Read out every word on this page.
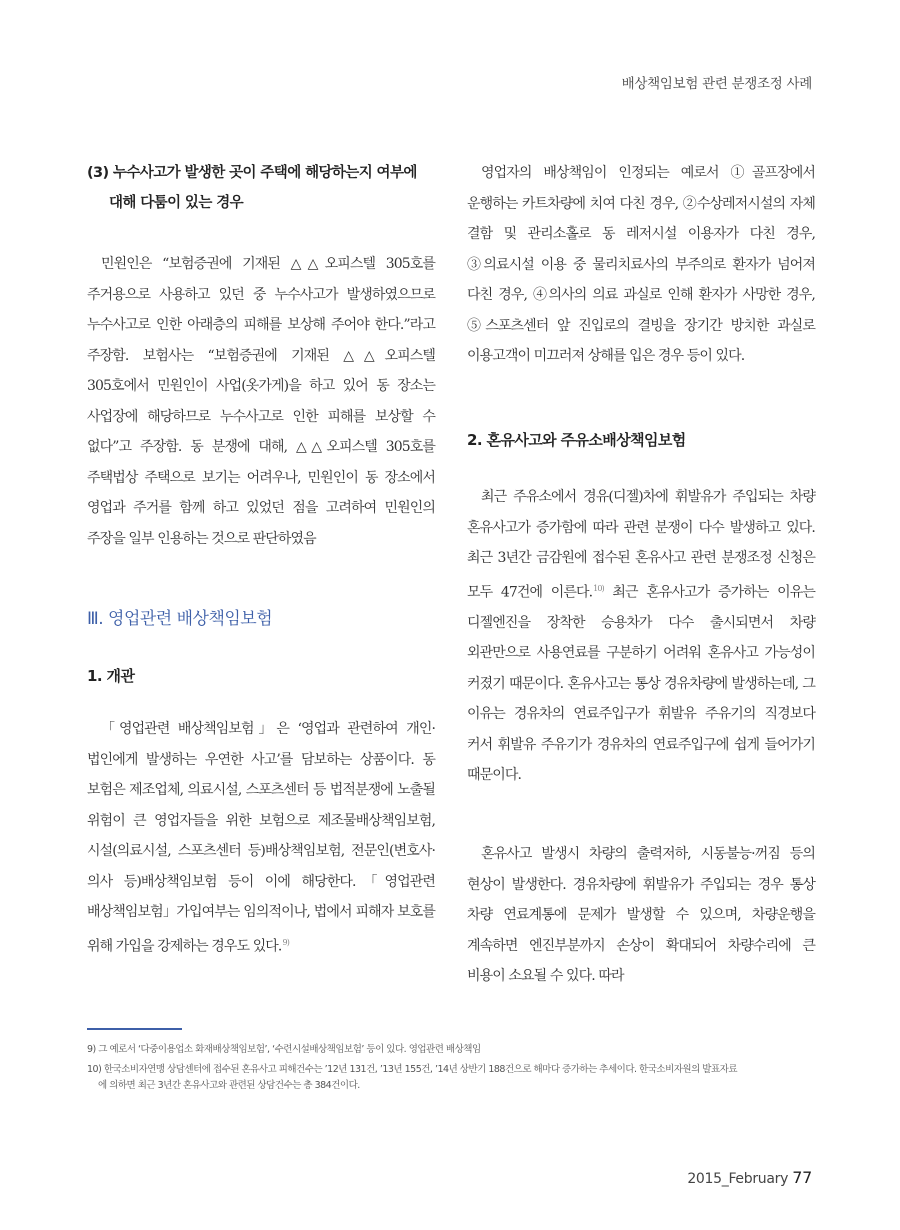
배상책임보험 관련 분쟁조정 사례
(3) 누수사고가 발생한 곳이 주택에 해당하는지 여부에
대해 다툼이 있는 경우

민원인은 “보험증권에 기재된 △△오피스텔 305호를 주거용으로 사용하고 있던 중 누수사고가 발생하였으므로 누수사고로 인한 아래층의 피해를 보상해 주어야 한다.”라고 주장함. 보험사는 “보험증권에 기재된 △△오피스텔 305호에서 민원인이 사업(옷가게)을 하고 있어 동 장소는 사업장에 해당하므로 누수사고로 인한 피해를 보상할 수 없다”고 주장함. 동 분쟁에 대해, △△오피스텔 305호를 주택법상 주택으로 보기는 어려우나, 민원인이 동 장소에서 영업과 주거를 함께 하고 있었던 점을 고려하여 민원인의 주장을 일부 인용하는 것으로 판단하였음

Ⅲ. 영업관련 배상책임보험
1. 개관

「영업관련 배상책임보험」은 ‘영업과 관련하여 개인·법인에게 발생하는 우연한 사고’를 담보하는 상품이다. 동 보험은 제조업체, 의료시설, 스포츠센터 등 법적분쟁에 노출될 위험이 큰 영업자들을 위한 보험으로 제조물배상책임보험, 시설(의료시설, 스포츠센터 등)배상책임보험, 전문인(변호사·의사 등)배상책임보험 등이 이에 해당한다.「영업관련 배상책임보험」가입여부는 임의적이나, 법에서 피해자 보호를 위해 가입을 강제하는 경우도 있다.$^{9)}$

영업자의 배상책임이 인정되는 예로서 ①골프장에서 운행하는 카트차량에 치여 다친 경우, ②수상레저시설의 자체 결함 및 관리소홀로 동 레저시설 이용자가 다친 경우, ③의료시설 이용 중 물리치료사의 부주의로 환자가 넘어져 다친 경우, ④의사의 의료 과실로 인해 환자가 사망한 경우, ⑤스포츠센터 앞 진입로의 결빙을 장기간 방치한 과실로 이용고객이 미끄러져 상해를 입은 경우 등이 있다.

2. 혼유사고와 주유소배상책임보험

최근 주유소에서 경유(디젤)차에 휘발유가 주입되는 차량 혼유사고가 증가함에 따라 관련 분쟁이 다수 발생하고 있다. 최근 3년간 금감원에 접수된 혼유사고 관련 분쟁조정 신청은 모두 47건에 이른다.$^{10)}$ 최근 혼유사고가 증가하는 이유는 디젤엔진을 장착한 승용차가 다수 출시되면서 차량 외관만으로 사용연료를 구분하기 어려워 혼유사고 가능성이 커졌기 때문이다. 혼유사고는 통상 경유차량에 발생하는데, 그 이유는 경유차의 연료주입구가 휘발유 주유기의 직경보다 커서 휘발유 주유기가 경유차의 연료주입구에 쉽게 들어가기 때문이다.

혼유사고 발생시 차량의 출력저하, 시동불능·꺼짐 등의 현상이 발생한다. 경유차량에 휘발유가 주입되는 경우 통상 차량 연료계통에 문제가 발생할 수 있으며, 차량운행을 계속하면 엔진부분까지 손상이 확대되어 차량수리에 큰 비용이 소요될 수 있다. 따라

9) 그 예로서 ‘다중이용업소 화재배상책임보험’, ‘수련시설배상책임보험’ 등이 있다. 영업관련 배상책임
10) 한국소비자연맹 상담센터에 접수된 혼유사고 피해건수는 ’12년 131건, ’13년 155건, ’14년 상반기 188건으로 해마다 증가하는 추세이다. 한국소비자원의 발표자료
에 의하면 최근 3년간 혼유사고와 관련된 상담건수는 총 384건이다.
2015_February 77
